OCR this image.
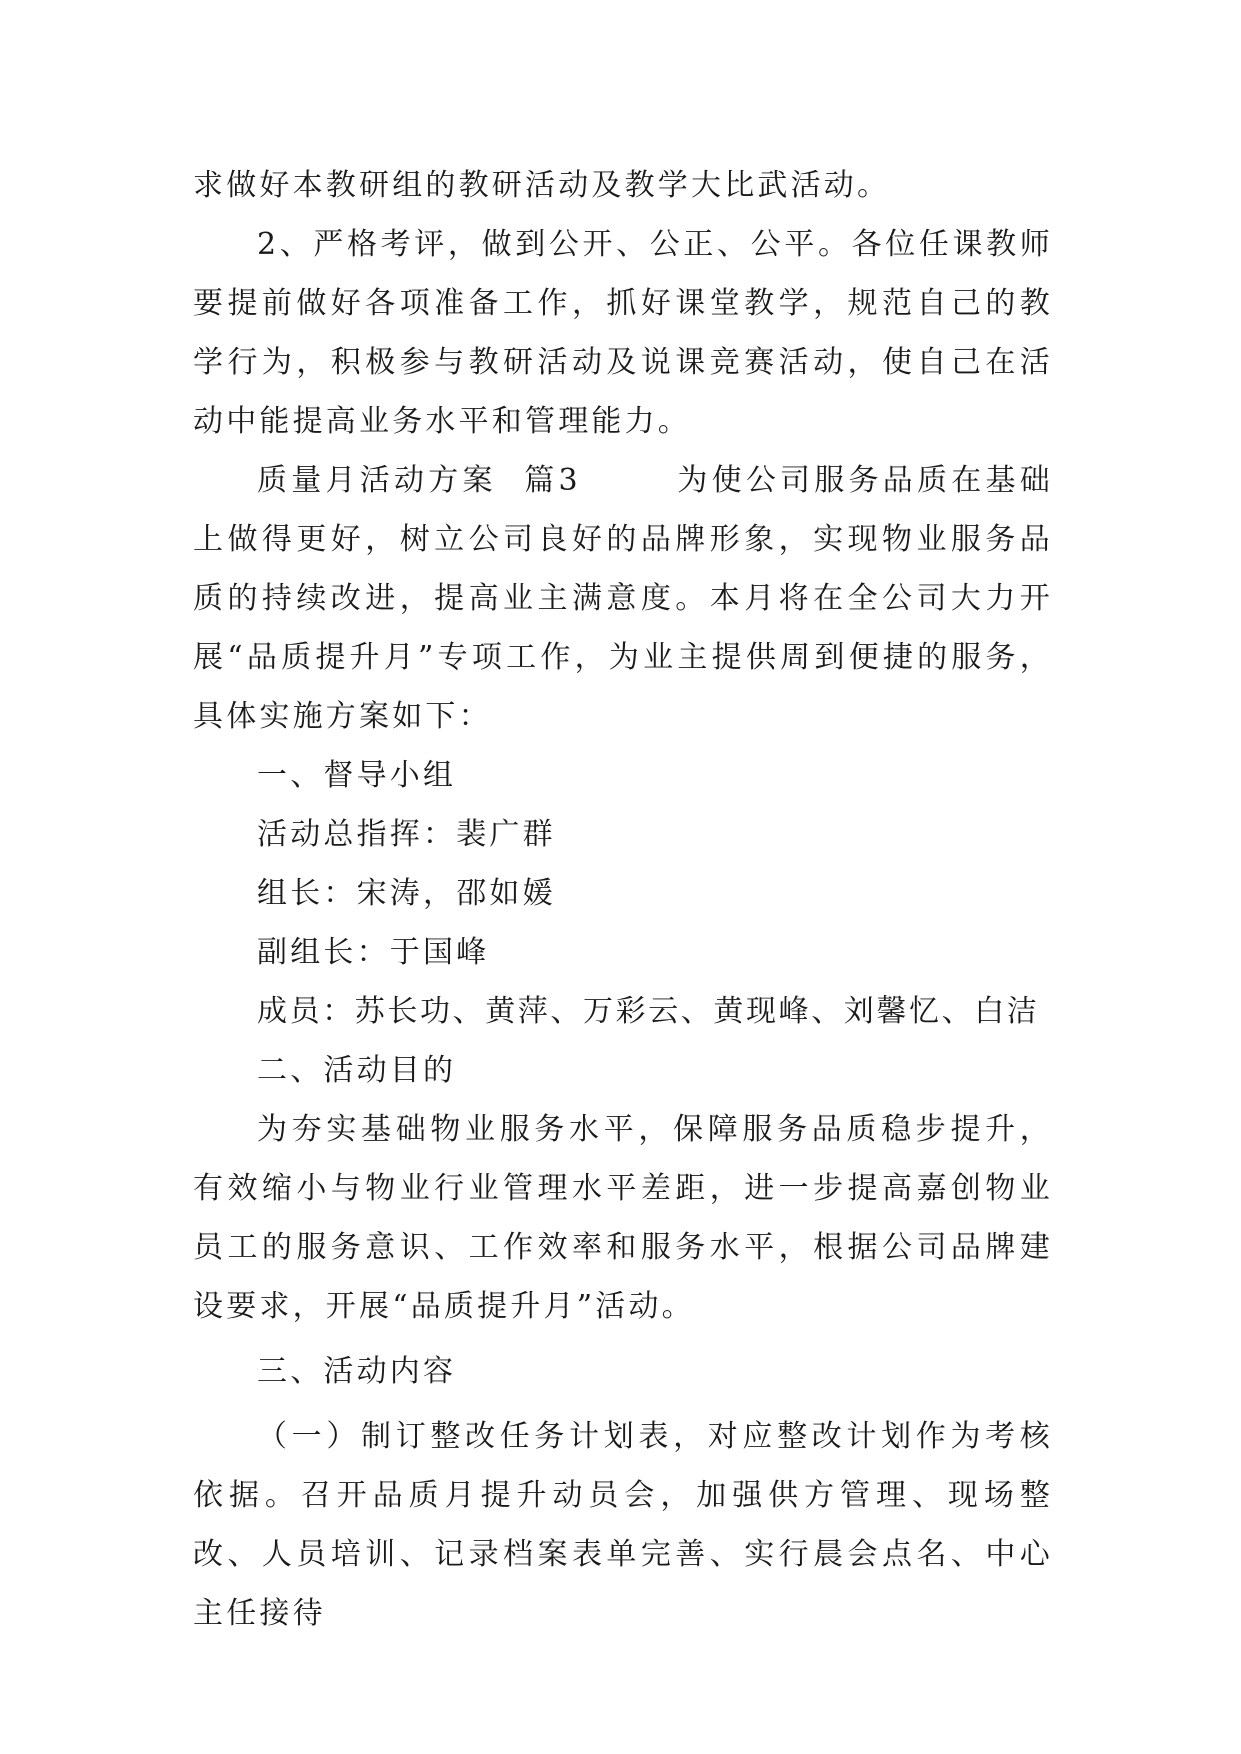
求做好本教研组的教研活动及教学大比武活动。

2、严格考评，做到公开、公正、公平。各位任课教师要提前做好各项准备工作，抓好课堂教学，规范自己的教学行为，积极参与教研活动及说课竞赛活动，使自己在活动中能提高业务水平和管理能力。

质量月活动方案  篇3       为使公司服务品质在基础上做得更好，树立公司良好的品牌形象，实现物业服务品质的持续改进，提高业主满意度。本月将在全公司大力开展“品质提升月”专项工作，为业主提供周到便捷的服务，具体实施方案如下：

一、督导小组

活动总指挥：裴广群

组长：宋涛，邵如媛

副组长：于国峰

成员：苏长功、黄萍、万彩云、黄现峰、刘馨忆、白洁

二、活动目的

为夯实基础物业服务水平，保障服务品质稳步提升，有效缩小与物业行业管理水平差距，进一步提高嘉创物业员工的服务意识、工作效率和服务水平，根据公司品牌建设要求，开展“品质提升月”活动。

三、活动内容

（一）制订整改任务计划表，对应整改计划作为考核依据。召开品质月提升动员会，加强供方管理、现场整改、人员培训、记录档案表单完善、实行晨会点名、中心主任接待
